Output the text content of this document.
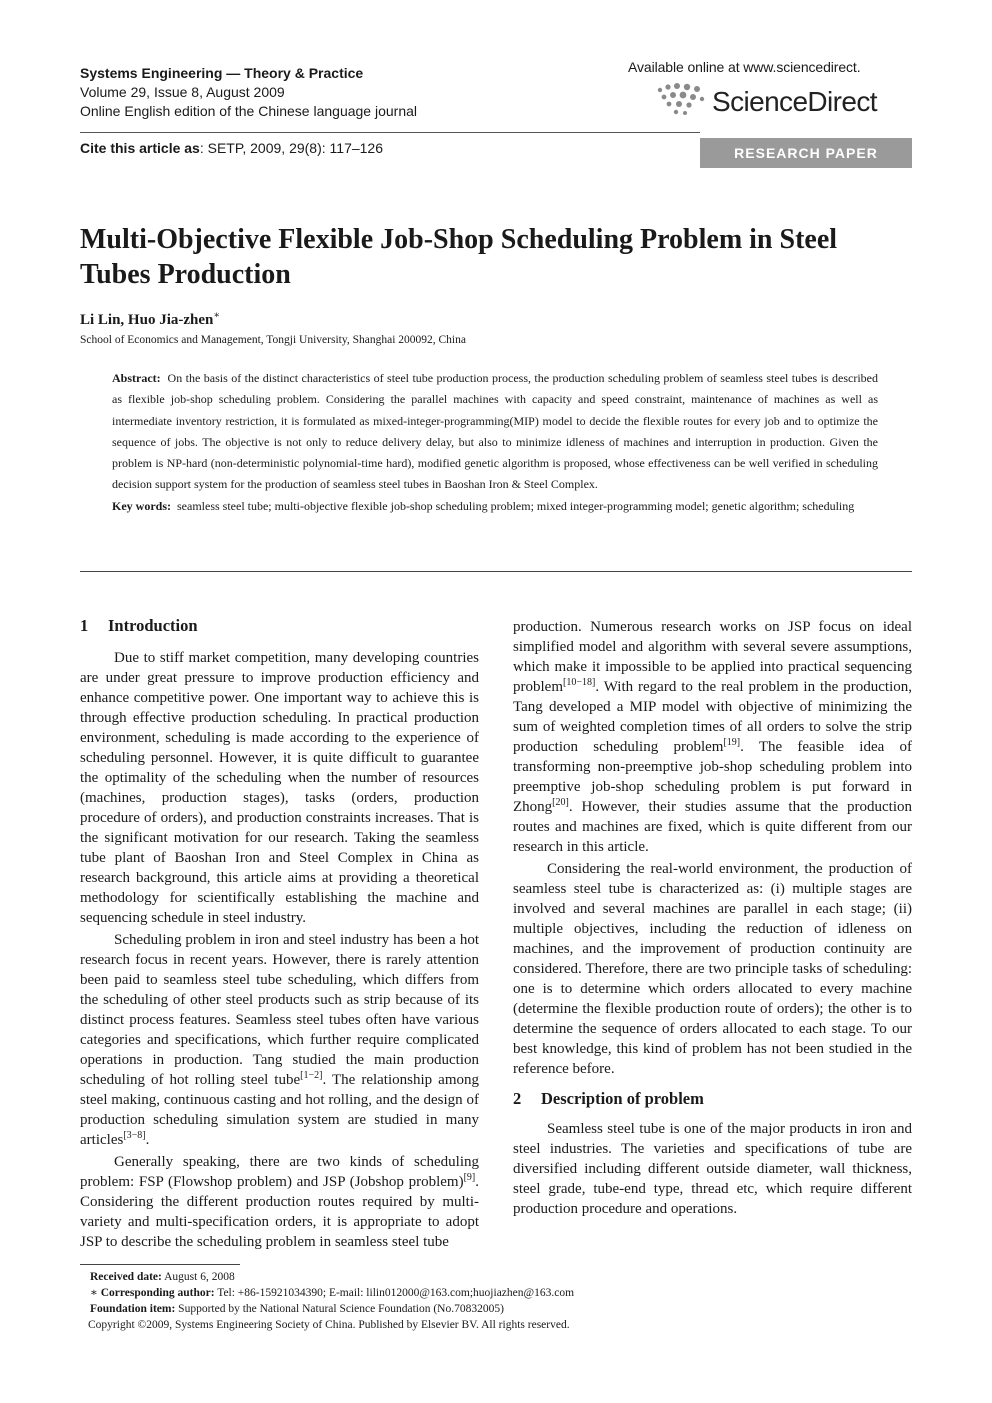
Systems Engineering — Theory & Practice
Volume 29, Issue 8, August 2009
Online English edition of the Chinese language journal
Cite this article as: SETP, 2009, 29(8): 117–126
Available online at www.sciencedirect.
ScienceDirect
RESEARCH PAPER
Multi-Objective Flexible Job-Shop Scheduling Problem in Steel Tubes Production
Li Lin, Huo Jia-zhen∗
School of Economics and Management, Tongji University, Shanghai 200092, China
Abstract: On the basis of the distinct characteristics of steel tube production process, the production scheduling problem of seamless steel tubes is described as flexible job-shop scheduling problem. Considering the parallel machines with capacity and speed constraint, maintenance of machines as well as intermediate inventory restriction, it is formulated as mixed-integer-programming(MIP) model to decide the flexible routes for every job and to optimize the sequence of jobs. The objective is not only to reduce delivery delay, but also to minimize idleness of machines and interruption in production. Given the problem is NP-hard (non-deterministic polynomial-time hard), modified genetic algorithm is proposed, whose effectiveness can be well verified in scheduling decision support system for the production of seamless steel tubes in Baoshan Iron & Steel Complex.
Key words: seamless steel tube; multi-objective flexible job-shop scheduling problem; mixed integer-programming model; genetic algorithm; scheduling
1 Introduction

Due to stiff market competition, many developing countries are under great pressure to improve production efficiency and enhance competitive power. One important way to achieve this is through effective production scheduling. In practical production environment, scheduling is made according to the experience of scheduling personnel. However, it is quite difficult to guarantee the optimality of the scheduling when the number of resources (machines, production stages), tasks (orders, production procedure of orders), and production constraints increases. That is the significant motivation for our research. Taking the seamless tube plant of Baoshan Iron and Steel Complex in China as research background, this article aims at providing a theoretical methodology for scientifically establishing the machine and sequencing schedule in steel industry.

Scheduling problem in iron and steel industry has been a hot research focus in recent years. However, there is rarely attention been paid to seamless steel tube scheduling, which differs from the scheduling of other steel products such as strip because of its distinct process features. Seamless steel tubes often have various categories and specifications, which further require complicated operations in production. Tang studied the main production scheduling of hot rolling steel tube[1−2]. The relationship among steel making, continuous casting and hot rolling, and the design of production scheduling simulation system are studied in many articles[3−8].

Generally speaking, there are two kinds of scheduling problem: FSP (Flowshop problem) and JSP (Jobshop problem)[9]. Considering the different production routes required by multi-variety and multi-specification orders, it is appropriate to adopt JSP to describe the scheduling problem in seamless steel tube

production. Numerous research works on JSP focus on ideal simplified model and algorithm with several severe assumptions, which make it impossible to be applied into practical sequencing problem[10−18]. With regard to the real problem in the production, Tang developed a MIP model with objective of minimizing the sum of weighted completion times of all orders to solve the strip production scheduling problem[19]. The feasible idea of transforming non-preemptive job-shop scheduling problem into preemptive job-shop scheduling problem is put forward in Zhong[20]. However, their studies assume that the production routes and machines are fixed, which is quite different from our research in this article.

Considering the real-world environment, the production of seamless steel tube is characterized as: (i) multiple stages are involved and several machines are parallel in each stage; (ii) multiple objectives, including the reduction of idleness on machines, and the improvement of production continuity are considered. Therefore, there are two principle tasks of scheduling: one is to determine which orders allocated to every machine (determine the flexible production route of orders); the other is to determine the sequence of orders allocated to each stage. To our best knowledge, this kind of problem has not been studied in the reference before.

2 Description of problem

Seamless steel tube is one of the major products in iron and steel industries. The varieties and specifications of tube are diversified including different outside diameter, wall thickness, steel grade, tube-end type, thread etc, which require different production procedure and operations.

Received date: August 6, 2008
∗ Corresponding author: Tel: +86-15921034390; E-mail: lilin012000@163.com;huojiazhen@163.com
Foundation item: Supported by the National Natural Science Foundation (No.70832005)
Copyright ©2009, Systems Engineering Society of China. Published by Elsevier BV. All rights reserved.
